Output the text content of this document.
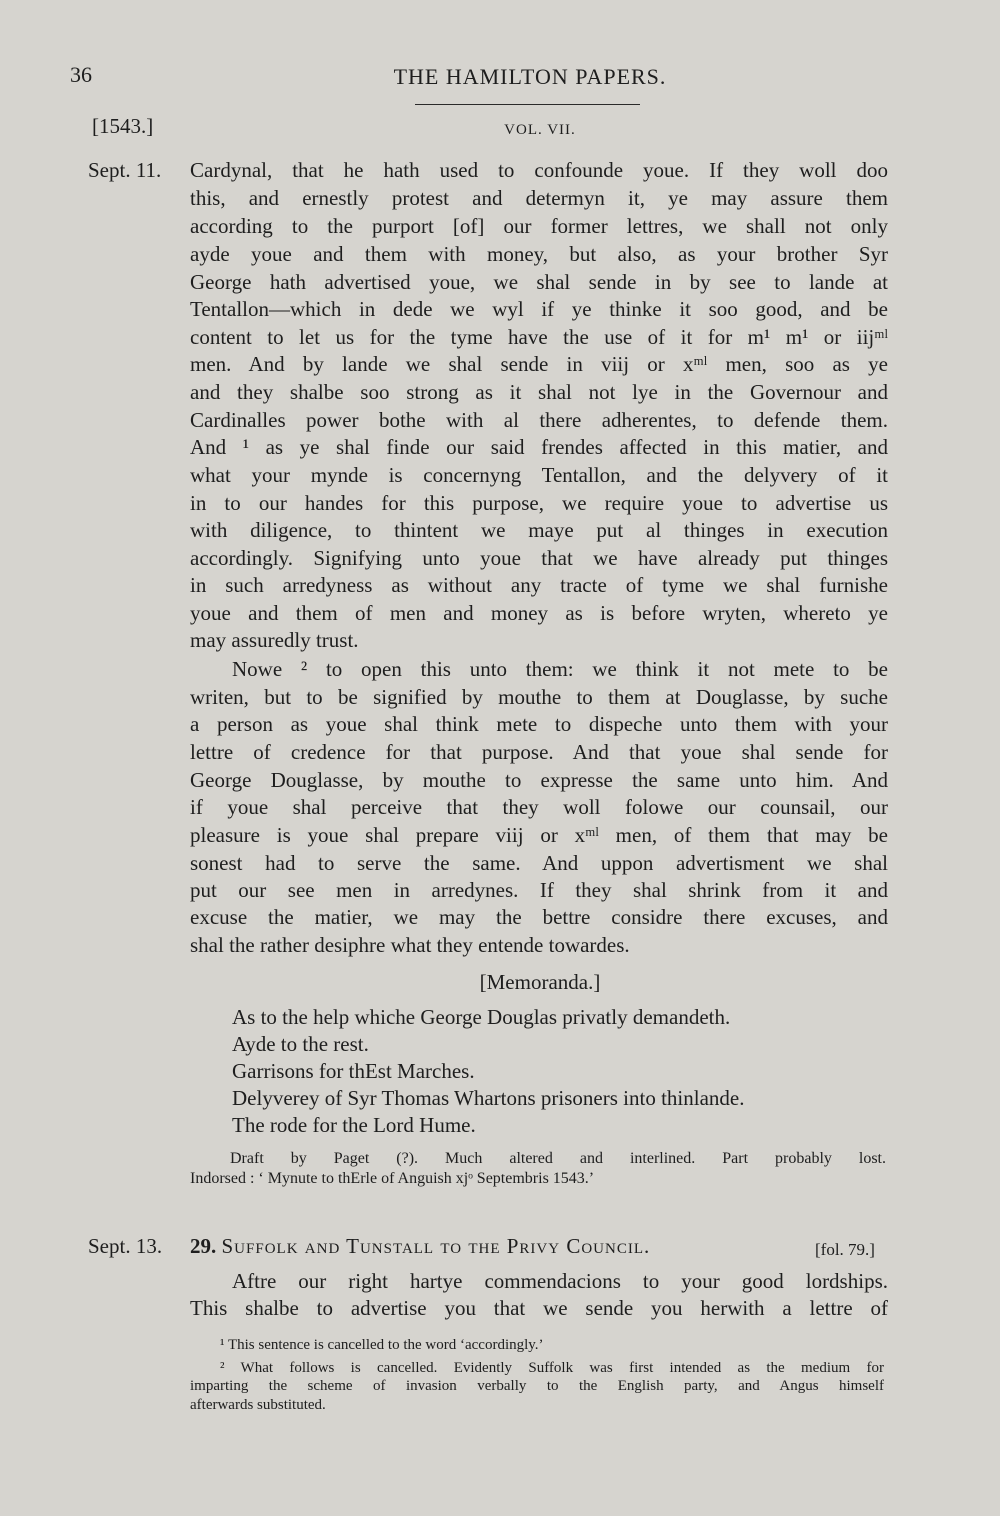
36	THE HAMILTON PAPERS.
[1543.]	VOL. VII.
Sept. 11. Cardynal, that he hath used to confounde youe. If they woll doo
this, and ernestly protest and determyn it, ye may assure them
according to the purport [of] our former lettres, we shall not only
ayde youe and them with money, but also, as your brother Syr
George hath advertised youe, we shal sende in by see to lande at
Tentallon—which in dede we wyl if ye thinke it soo good, and be
content to let us for the tyme have the use of it for m¹ m¹ or iijᵐˡ
men. And by lande we shal sende in viij or xᵐˡ men, soo as ye
and they shalbe soo strong as it shal not lye in the Governour and
Cardinalles power bothe with al there adherentes, to defende them.
And ¹ as ye shal finde our said frendes affected in this matier, and
what your mynde is concernyng Tentallon, and the delyvery of it
in to our handes for this purpose, we require youe to advertise us
with diligence, to thintent we maye put al thinges in execution
accordingly. Signifying unto youe that we have already put thinges
in such arredyness as without any tracte of tyme we shal furnishe
youe and them of men and money as is before wryten, whereto ye
may assuredly trust.
Nowe ² to open this unto them: we think it not mete to be
writen, but to be signified by mouthe to them at Douglasse, by suche
a person as youe shal think mete to dispeche unto them with your
lettre of credence for that purpose. And that youe shal sende for
George Douglasse, by mouthe to expresse the same unto him. And
if youe shal perceive that they woll folowe our counsail, our
pleasure is youe shal prepare viij or xᵐˡ men, of them that may be
sonest had to serve the same. And uppon advertisment we shal
put our see men in arredynes. If they shal shrink from it and
excuse the matier, we may the bettre considre there excuses, and
shal the rather desiphre what they entende towardes.
[Memoranda.]
As to the help whiche George Douglas privatly demandeth.
Ayde to the rest.
Garrisons for thEst Marches.
Delyverey of Syr Thomas Whartons prisoners into thinlande.
The rode for the Lord Hume.
Draft by Paget (?). Much altered and interlined. Part probably lost.
Indorsed : ‘ Mynute to thErle of Anguish xjᵒ Septembris 1543.’
Sept. 13. 29. Suffolk and Tunstall to the Privy Council.	[fol. 79.]
Aftre our right hartye commendacions to your good lordships.
This shalbe to advertise you that we sende you herwith a lettre of
¹ This sentence is cancelled to the word ‘accordingly.’
² What follows is cancelled. Evidently Suffolk was first intended as the medium for
imparting the scheme of invasion verbally to the English party, and Angus himself
afterwards substituted.
